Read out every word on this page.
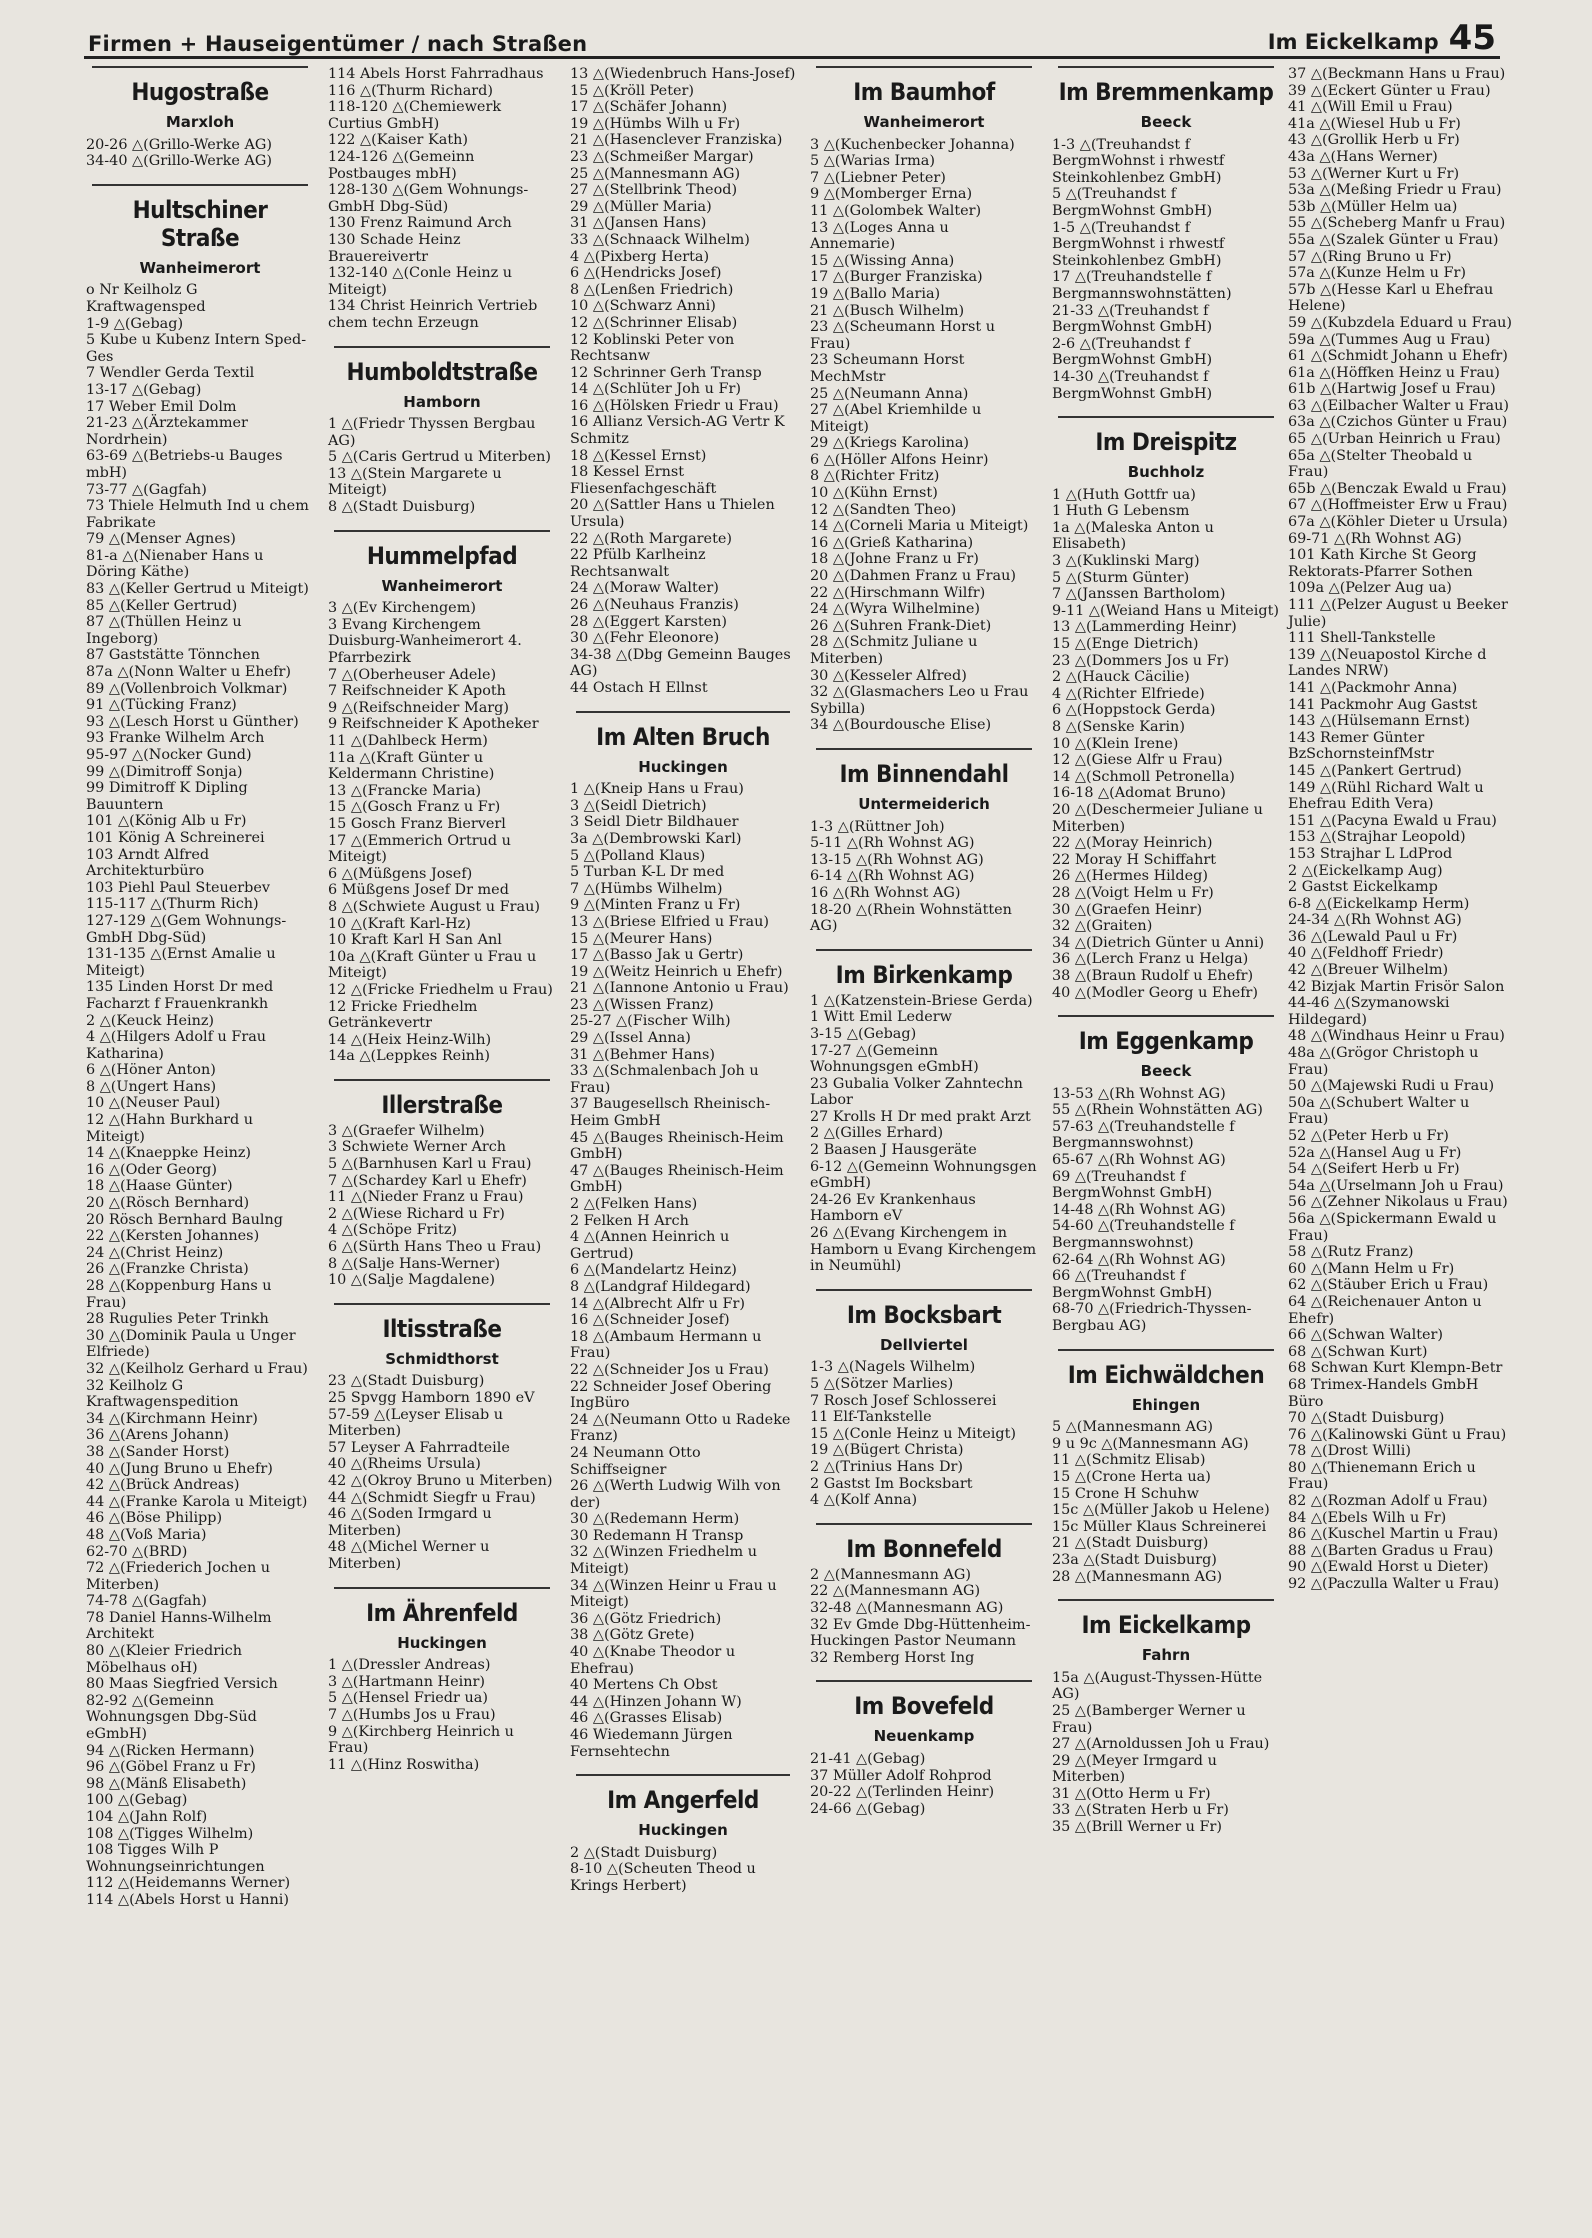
Firmen + Hauseigentümer / nach Straßen	Im Eickelkamp 45
Hugostraße
Marxloh
20-26 △(Grillo-Werke AG)
34-40 △(Grillo-Werke AG)
Hultschiner Straße
Wanheimerort
o Nr Keilholz G Kraftwagensped
1-9 △(Gebag)
5 Kube u Kubenz Intern Sped-Ges
7 Wendler Gerda Textil
13-17 △(Gebag)
17 Weber Emil Dolm
21-23 △(Ärztekammer Nordrhein)
63-69 △(Betriebs-u Bauges mbH)
73-77 △(Gagfah)
73 Thiele Helmuth Ind u chem Fabrikate
79 △(Menser Agnes)
81-a △(Nienaber Hans u Döring Käthe)
83 △(Keller Gertrud u Miteigt)
85 △(Keller Gertrud)
87 △(Thüllen Heinz u Ingeborg)
87 Gaststätte Tönnchen
87a △(Nonn Walter u Ehefr)
89 △(Vollenbroich Volkmar)
91 △(Tücking Franz)
93 △(Lesch Horst u Günther)
93 Franke Wilhelm Arch
95-97 △(Nocker Gund)
99 △(Dimitroff Sonja)
99 Dimitroff K Dipling Bauuntern
101 △(König Alb u Fr)
101 König A Schreinerei
103 Arndt Alfred Architekturbüro
103 Piehl Paul Steuerbev
115-117 △(Thurm Rich)
127-129 △(Gem Wohnungs-GmbH Dbg-Süd)
131-135 △(Ernst Amalie u Miteigt)
135 Linden Horst Dr med Facharzt f Frauenkrankh
2 △(Keuck Heinz)
4 △(Hilgers Adolf u Frau Katharina)
6 △(Höner Anton)
8 △(Ungert Hans)
10 △(Neuser Paul)
12 △(Hahn Burkhard u Miteigt)
14 △(Knaeppke Heinz)
16 △(Oder Georg)
18 △(Haase Günter)
20 △(Rösch Bernhard)
20 Rösch Bernhard Baulng
22 △(Kersten Johannes)
24 △(Christ Heinz)
26 △(Franzke Christa)
28 △(Koppenburg Hans u Frau)
28 Rugulies Peter Trinkh
30 △(Dominik Paula u Unger Elfriede)
32 △(Keilholz Gerhard u Frau)
32 Keilholz G Kraftwagenspedition
34 △(Kirchmann Heinr)
36 △(Arens Johann)
38 △(Sander Horst)
40 △(Jung Bruno u Ehefr)
42 △(Brück Andreas)
44 △(Franke Karola u Miteigt)
46 △(Böse Philipp)
48 △(Voß Maria)
62-70 △(BRD)
72 △(Friederich Jochen u Miterben)
74-78 △(Gagfah)
78 Daniel Hanns-Wilhelm Architekt
80 △(Kleier Friedrich Möbelhaus oH)
80 Maas Siegfried Versich
82-92 △(Gemeinn Wohnungsgen Dbg-Süd eGmbH)
94 △(Ricken Hermann)
96 △(Göbel Franz u Fr)
98 △(Mänß Elisabeth)
100 △(Gebag)
104 △(Jahn Rolf)
108 △(Tigges Wilhelm)
108 Tigges Wilh P Wohnungseinrichtungen
112 △(Heidemanns Werner)
114 △(Abels Horst u Hanni)
114 Abels Horst Fahrradhaus
116 △(Thurm Richard)
118-120 △(Chemiewerk Curtius GmbH)
122 △(Kaiser Kath)
124-126 △(Gemeinn Postbauges mbH)
128-130 △(Gem Wohnungs-GmbH Dbg-Süd)
130 Frenz Raimund Arch
130 Schade Heinz Brauereivertr
132-140 △(Conle Heinz u Miteigt)
134 Christ Heinrich Vertrieb chem techn Erzeugn
Humboldtstraße
Hamborn
1 △(Friedr Thyssen Bergbau AG)
5 △(Caris Gertrud u Miterben)
13 △(Stein Margarete u Miteigt)
8 △(Stadt Duisburg)
Hummelpfad
Wanheimerort
3 △(Ev Kirchengem)
3 Evang Kirchengem Duisburg-Wanheimerort 4. Pfarrbezirk
7 △(Oberheuser Adele)
7 Reifschneider K Apoth
9 △(Reifschneider Marg)
9 Reifschneider K Apotheker
11 △(Dahlbeck Herm)
11a △(Kraft Günter u Keldermann Christine)
13 △(Francke Maria)
15 △(Gosch Franz u Fr)
15 Gosch Franz Bierverl
17 △(Emmerich Ortrud u Miteigt)
6 △(Müßgens Josef)
6 Müßgens Josef Dr med
8 △(Schwiete August u Frau)
10 △(Kraft Karl-Hz)
10 Kraft Karl H San Anl
10a △(Kraft Günter u Frau u Miteigt)
12 △(Fricke Friedhelm u Frau)
12 Fricke Friedhelm Getränkevertr
14 △(Heix Heinz-Wilh)
14a △(Leppkes Reinh)
Illerstraße
3 △(Graefer Wilhelm)
3 Schwiete Werner Arch
5 △(Barnhusen Karl u Frau)
7 △(Schardey Karl u Ehefr)
11 △(Nieder Franz u Frau)
2 △(Wiese Richard u Fr)
4 △(Schöpe Fritz)
6 △(Sürth Hans Theo u Frau)
8 △(Salje Hans-Werner)
10 △(Salje Magdalene)
Iltisstraße
Schmidthorst
23 △(Stadt Duisburg)
25 Spvgg Hamborn 1890 eV
57-59 △(Leyser Elisab u Miterben)
57 Leyser A Fahrradteile
40 △(Rheims Ursula)
42 △(Okroy Bruno u Miterben)
44 △(Schmidt Siegfr u Frau)
46 △(Soden Irmgard u Miterben)
48 △(Michel Werner u Miterben)
Im Ährenfeld
Huckingen
1 △(Dressler Andreas)
3 △(Hartmann Heinr)
5 △(Hensel Friedr ua)
7 △(Humbs Jos u Frau)
9 △(Kirchberg Heinrich u Frau)
11 △(Hinz Roswitha)
13 △(Wiedenbruch Hans-Josef)
15 △(Kröll Peter)
17 △(Schäfer Johann)
19 △(Hümbs Wilh u Fr)
21 △(Hasenclever Franziska)
23 △(Schmeißer Margar)
25 △(Mannesmann AG)
27 △(Stellbrink Theod)
29 △(Müller Maria)
31 △(Jansen Hans)
33 △(Schnaack Wilhelm)
4 △(Pixberg Herta)
6 △(Hendricks Josef)
8 △(Lenßen Friedrich)
10 △(Schwarz Anni)
12 △(Schrinner Elisab)
12 Koblinski Peter von Rechtsanw
12 Schrinner Gerh Transp
14 △(Schlüter Joh u Fr)
16 △(Hölsken Friedr u Frau)
16 Allianz Versich-AG Vertr K Schmitz
18 △(Kessel Ernst)
18 Kessel Ernst Fliesenfachgeschäft
20 △(Sattler Hans u Thielen Ursula)
22 △(Roth Margarete)
22 Pfülb Karlheinz Rechtsanwalt
24 △(Moraw Walter)
26 △(Neuhaus Franzis)
28 △(Eggert Karsten)
30 △(Fehr Eleonore)
34-38 △(Dbg Gemeinn Bauges AG)
44 Ostach H Ellnst
Im Alten Bruch
Huckingen
1 △(Kneip Hans u Frau)
3 △(Seidl Dietrich)
3 Seidl Dietr Bildhauer
3a △(Dembrowski Karl)
5 △(Polland Klaus)
5 Turban K-L Dr med
7 △(Hümbs Wilhelm)
9 △(Minten Franz u Fr)
13 △(Briese Elfried u Frau)
15 △(Meurer Hans)
17 △(Basso Jak u Gertr)
19 △(Weitz Heinrich u Ehefr)
21 △(Iannone Antonio u Frau)
23 △(Wissen Franz)
25-27 △(Fischer Wilh)
29 △(Issel Anna)
31 △(Behmer Hans)
33 △(Schmalenbach Joh u Frau)
37 Baugesellsch Rheinisch-Heim GmbH
45 △(Bauges Rheinisch-Heim GmbH)
47 △(Bauges Rheinisch-Heim GmbH)
2 △(Felken Hans)
2 Felken H Arch
4 △(Annen Heinrich u Gertrud)
6 △(Mandelartz Heinz)
8 △(Landgraf Hildegard)
14 △(Albrecht Alfr u Fr)
16 △(Schneider Josef)
18 △(Ambaum Hermann u Frau)
22 △(Schneider Jos u Frau)
22 Schneider Josef Obering IngBüro
24 △(Neumann Otto u Radeke Franz)
24 Neumann Otto Schiffseigner
26 △(Werth Ludwig Wilh von der)
30 △(Redemann Herm)
30 Redemann H Transp
32 △(Winzen Friedhelm u Miteigt)
34 △(Winzen Heinr u Frau u Miteigt)
36 △(Götz Friedrich)
38 △(Götz Grete)
40 △(Knabe Theodor u Ehefrau)
40 Mertens Ch Obst
44 △(Hinzen Johann W)
46 △(Grasses Elisab)
46 Wiedemann Jürgen Fernsehtechn
Im Angerfeld
Huckingen
2 △(Stadt Duisburg)
8-10 △(Scheuten Theod u Krings Herbert)
Im Baumhof
Wanheimerort
3 △(Kuchenbecker Johanna)
5 △(Warias Irma)
7 △(Liebner Peter)
9 △(Momberger Erna)
11 △(Golombek Walter)
13 △(Loges Anna u Annemarie)
15 △(Wissing Anna)
17 △(Burger Franziska)
19 △(Ballo Maria)
21 △(Busch Wilhelm)
23 △(Scheumann Horst u Frau)
23 Scheumann Horst MechMstr
25 △(Neumann Anna)
27 △(Abel Kriemhilde u Miteigt)
29 △(Kriegs Karolina)
6 △(Höller Alfons Heinr)
8 △(Richter Fritz)
10 △(Kühn Ernst)
12 △(Sandten Theo)
14 △(Corneli Maria u Miteigt)
16 △(Grieß Katharina)
18 △(Johne Franz u Fr)
20 △(Dahmen Franz u Frau)
22 △(Hirschmann Wilfr)
24 △(Wyra Wilhelmine)
26 △(Suhren Frank-Diet)
28 △(Schmitz Juliane u Miterben)
30 △(Kesseler Alfred)
32 △(Glasmachers Leo u Frau Sybilla)
34 △(Bourdousche Elise)
Im Binnendahl
Untermeiderich
1-3 △(Rüttner Joh)
5-11 △(Rh Wohnst AG)
13-15 △(Rh Wohnst AG)
6-14 △(Rh Wohnst AG)
16 △(Rh Wohnst AG)
18-20 △(Rhein Wohnstätten AG)
Im Birkenkamp
1 △(Katzenstein-Briese Gerda)
1 Witt Emil Lederw
3-15 △(Gebag)
17-27 △(Gemeinn Wohnungsgen eGmbH)
23 Gubalia Volker Zahntechn Labor
27 Krolls H Dr med prakt Arzt
2 △(Gilles Erhard)
2 Baasen J Hausgeräte
6-12 △(Gemeinn Wohnungsgen eGmbH)
24-26 Ev Krankenhaus Hamborn eV
26 △(Evang Kirchengem in Hamborn u Evang Kirchengem in Neumühl)
Im Bocksbart
Dellviertel
1-3 △(Nagels Wilhelm)
5 △(Sötzer Marlies)
7 Rosch Josef Schlosserei
11 Elf-Tankstelle
15 △(Conle Heinz u Miteigt)
19 △(Bügert Christa)
2 △(Trinius Hans Dr)
2 Gastst Im Bocksbart
4 △(Kolf Anna)
Im Bonnefeld
2 △(Mannesmann AG)
22 △(Mannesmann AG)
32-48 △(Mannesmann AG)
32 Ev Gmde Dbg-Hüttenheim-Huckingen Pastor Neumann
32 Remberg Horst Ing
Im Bovefeld
Neuenkamp
21-41 △(Gebag)
37 Müller Adolf Rohprod
20-22 △(Terlinden Heinr)
24-66 △(Gebag)
Im Bremmenkamp
Beeck
1-3 △(Treuhandst f BergmWohnst i rhwestf Steinkohlenbez GmbH)
5 △(Treuhandst f BergmWohnst GmbH)
1-5 △(Treuhandst f BergmWohnst i rhwestf Steinkohlenbez GmbH)
17 △(Treuhandstelle f Bergmannswohnstätten)
21-33 △(Treuhandst f BergmWohnst GmbH)
2-6 △(Treuhandst f BergmWohnst GmbH)
14-30 △(Treuhandst f BergmWohnst GmbH)
Im Dreispitz
Buchholz
1 △(Huth Gottfr ua)
1 Huth G Lebensm
1a △(Maleska Anton u Elisabeth)
3 △(Kuklinski Marg)
5 △(Sturm Günter)
7 △(Janssen Bartholom)
9-11 △(Weiand Hans u Miteigt)
13 △(Lammerding Heinr)
15 △(Enge Dietrich)
23 △(Dommers Jos u Fr)
2 △(Hauck Cäcilie)
4 △(Richter Elfriede)
6 △(Hoppstock Gerda)
8 △(Senske Karin)
10 △(Klein Irene)
12 △(Giese Alfr u Frau)
14 △(Schmoll Petronella)
16-18 △(Adomat Bruno)
20 △(Deschermeier Juliane u Miterben)
22 △(Moray Heinrich)
22 Moray H Schiffahrt
26 △(Hermes Hildeg)
28 △(Voigt Helm u Fr)
30 △(Graefen Heinr)
32 △(Graiten)
34 △(Dietrich Günter u Anni)
36 △(Lerch Franz u Helga)
38 △(Braun Rudolf u Ehefr)
40 △(Modler Georg u Ehefr)
Im Eggenkamp
Beeck
13-53 △(Rh Wohnst AG)
55 △(Rhein Wohnstätten AG)
57-63 △(Treuhandstelle f Bergmannswohnst)
65-67 △(Rh Wohnst AG)
69 △(Treuhandst f BergmWohnst GmbH)
14-48 △(Rh Wohnst AG)
54-60 △(Treuhandstelle f Bergmannswohnst)
62-64 △(Rh Wohnst AG)
66 △(Treuhandst f BergmWohnst GmbH)
68-70 △(Friedrich-Thyssen-Bergbau AG)
Im Eichwäldchen
Ehingen
5 △(Mannesmann AG)
9 u 9c △(Mannesmann AG)
11 △(Schmitz Elisab)
15 △(Crone Herta ua)
15 Crone H Schuhw
15c △(Müller Jakob u Helene)
15c Müller Klaus Schreinerei
21 △(Stadt Duisburg)
23a △(Stadt Duisburg)
28 △(Mannesmann AG)
Im Eickelkamp
Fahrn
15a △(August-Thyssen-Hütte AG)
25 △(Bamberger Werner u Frau)
27 △(Arnoldussen Joh u Frau)
29 △(Meyer Irmgard u Miterben)
31 △(Otto Herm u Fr)
33 △(Straten Herb u Fr)
35 △(Brill Werner u Fr)
37 △(Beckmann Hans u Frau)
39 △(Eckert Günter u Frau)
41 △(Will Emil u Frau)
41a △(Wiesel Hub u Fr)
43 △(Grollik Herb u Fr)
43a △(Hans Werner)
53 △(Werner Kurt u Fr)
53a △(Meßing Friedr u Frau)
53b △(Müller Helm ua)
55 △(Scheberg Manfr u Frau)
55a △(Szalek Günter u Frau)
57 △(Ring Bruno u Fr)
57a △(Kunze Helm u Fr)
57b △(Hesse Karl u Ehefrau Helene)
59 △(Kubzdela Eduard u Frau)
59a △(Tummes Aug u Frau)
61 △(Schmidt Johann u Ehefr)
61a △(Höffken Heinz u Frau)
61b △(Hartwig Josef u Frau)
63 △(Eilbacher Walter u Frau)
63a △(Czichos Günter u Frau)
65 △(Urban Heinrich u Frau)
65a △(Stelter Theobald u Frau)
65b △(Benczak Ewald u Frau)
67 △(Hoffmeister Erw u Frau)
67a △(Köhler Dieter u Ursula)
69-71 △(Rh Wohnst AG)
101 Kath Kirche St Georg Rektorats-Pfarrer Sothen
109a △(Pelzer Aug ua)
111 △(Pelzer August u Beeker Julie)
111 Shell-Tankstelle
139 △(Neuapostol Kirche d Landes NRW)
141 △(Packmohr Anna)
141 Packmohr Aug Gastst
143 △(Hülsemann Ernst)
143 Remer Günter BzSchornsteinfMstr
145 △(Pankert Gertrud)
149 △(Rühl Richard Walt u Ehefrau Edith Vera)
151 △(Pacyna Ewald u Frau)
153 △(Strajhar Leopold)
153 Strajhar L LdProd
2 △(Eickelkamp Aug)
2 Gastst Eickelkamp
6-8 △(Eickelkamp Herm)
24-34 △(Rh Wohnst AG)
36 △(Lewald Paul u Fr)
40 △(Feldhoff Friedr)
42 △(Breuer Wilhelm)
42 Bizjak Martin Frisör Salon
44-46 △(Szymanowski Hildegard)
48 △(Windhaus Heinr u Frau)
48a △(Grögor Christoph u Frau)
50 △(Majewski Rudi u Frau)
50a △(Schubert Walter u Frau)
52 △(Peter Herb u Fr)
52a △(Hansel Aug u Fr)
54 △(Seifert Herb u Fr)
54a △(Urselmann Joh u Frau)
56 △(Zehner Nikolaus u Frau)
56a △(Spickermann Ewald u Frau)
58 △(Rutz Franz)
60 △(Mann Helm u Fr)
62 △(Stäuber Erich u Frau)
64 △(Reichenauer Anton u Ehefr)
66 △(Schwan Walter)
68 △(Schwan Kurt)
68 Schwan Kurt Klempn-Betr
68 Trimex-Handels GmbH Büro
70 △(Stadt Duisburg)
76 △(Kalinowski Günt u Frau)
78 △(Drost Willi)
80 △(Thienemann Erich u Frau)
82 △(Rozman Adolf u Frau)
84 △(Ebels Wilh u Fr)
86 △(Kuschel Martin u Frau)
88 △(Barten Gradus u Frau)
90 △(Ewald Horst u Dieter)
92 △(Paczulla Walter u Frau)
